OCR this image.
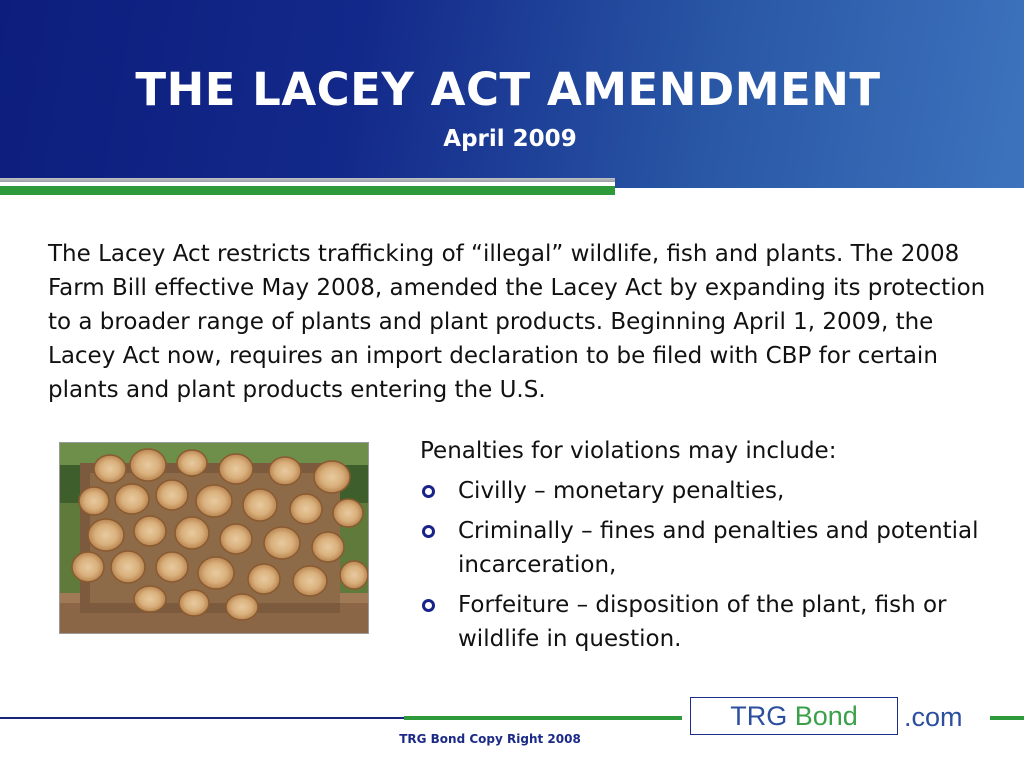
THE LACEY ACT AMENDMENT
April 2009

The Lacey Act restricts trafficking of “illegal” wildlife, fish and plants. The 2008 Farm Bill effective May 2008, amended the Lacey Act by expanding its protection to a broader range of plants and plant products. Beginning April 1, 2009, the Lacey Act now, requires an import declaration to be filed with CBP for certain plants and plant products entering the U.S.

Penalties for violations may include:

Civilly – monetary penalties,
Criminally – fines and penalties and potential incarceration,
Forfeiture – disposition of the plant, fish or wildlife in question.
TRG Bond	.com
TRG Bond Copy Right 2008
